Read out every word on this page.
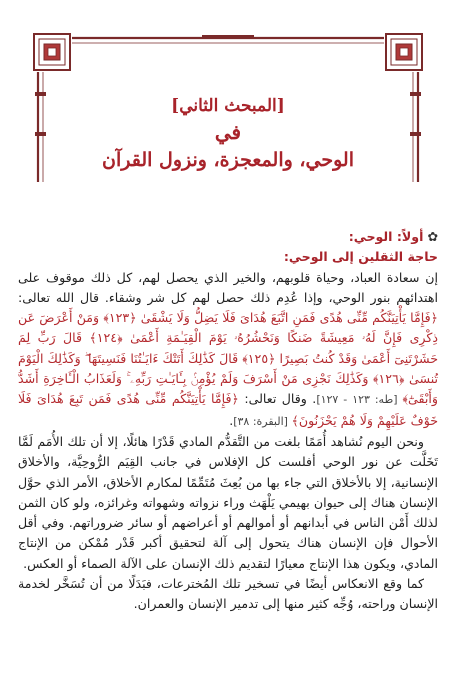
[المبحث الثاني]
في
الوحي، والمعجزة، ونزول القرآن

✿أولاً: الوحي:

حاجة الثقلين إلى الوحي:

إن سعادة العباد، وحياة قلوبهم، والخير الذي يحصل لهم، كل ذلك موقوف على اهتدائهم بنور الوحي، وإذا عُدِم ذلك حصل لهم كل شر وشقاء. قال الله تعالى: ﴿فَإِمَّا يَأْتِيَنَّكُم مِّنِّى هُدًى فَمَنِ اتَّبَعَ هُدَاىَ فَلَا يَضِلُّ وَلَا يَشْقَىٰ ﴿١٢٣﴾ وَمَنْ أَعْرَضَ عَن ذِكْرِى فَإِنَّ لَهُۥ مَعِيشَةً ضَنكًا وَنَحْشُرُهُۥ يَوْمَ الْقِيَـٰمَةِ أَعْمَىٰ ﴿١٢٤﴾ قَالَ رَبِّ لِمَ حَشَرْتَنِىٓ أَعْمَىٰ وَقَدْ كُنتُ بَصِيرًا ﴿١٢٥﴾ قَالَ كَذَٰلِكَ أَتَتْكَ ءَايَـٰتُنَا فَنَسِيتَهَا ۖ وَكَذَٰلِكَ الْيَوْمَ تُنسَىٰ ﴿١٢٦﴾ وَكَذَٰلِكَ نَجْزِى مَنْ أَسْرَفَ وَلَمْ يُؤْمِنۢ بِـَٔايَـٰتِ رَبِّهِۦ ۚ وَلَعَذَابُ الْـَٔاخِرَةِ أَشَدُّ وَأَبْقَىٰٓ﴾ [طه: ١٢٣ - ١٢٧]. وقال تعالى: ﴿فَإِمَّا يَأْتِيَنَّكُم مِّنِّى هُدًى فَمَن تَبِعَ هُدَاىَ فَلَا خَوْفٌ عَلَيْهِمْ وَلَا هُمْ يَحْزَنُونَ﴾ [البقرة: ٣٨].

ونحن اليوم نُشاهد أُمَمًا بلغت من التَّقدُّم المادي قَدْرًا هائلًا، إلا أن تلك الأُمَم لَمَّا تَخَلَّت عن نور الوحي أفلست كل الإفلاس في جانب القِيَم الرُّوحِيَّة، والأخلاق الإنسانية، إلا بالأخلاق التي جاء بها من بُعِثَ مُتَمِّمًا لمكارم الأخلاق، الأمر الذي حوَّل الإنسان هناك إلى حيوان بهيمي يَلْهَث وراء نزواته وشهواته وغرائزه، ولو كان الثمن لذلك أَمْن الناس في أبدانهم أو أموالهم أو أعراضهم أو سائر ضروراتهم. وفي أقل الأحوال فإن الإنسان هناك يتحول إلى آلة لتحقيق أكبر قَدْر مُمْكن من الإنتاج المادي، ويكون هذا الإنتاج معيارًا لتقديم ذلك الإنسان على الآلة الصماء أو العكس.

كما وقع الانعكاس أيضًا في تسخير تلك المُخترعات، فبَدَلًا من أن تُسَخَّر لخدمة الإنسان وراحته، وُجِّه كثير منها إلى تدمير الإنسان والعمران.
